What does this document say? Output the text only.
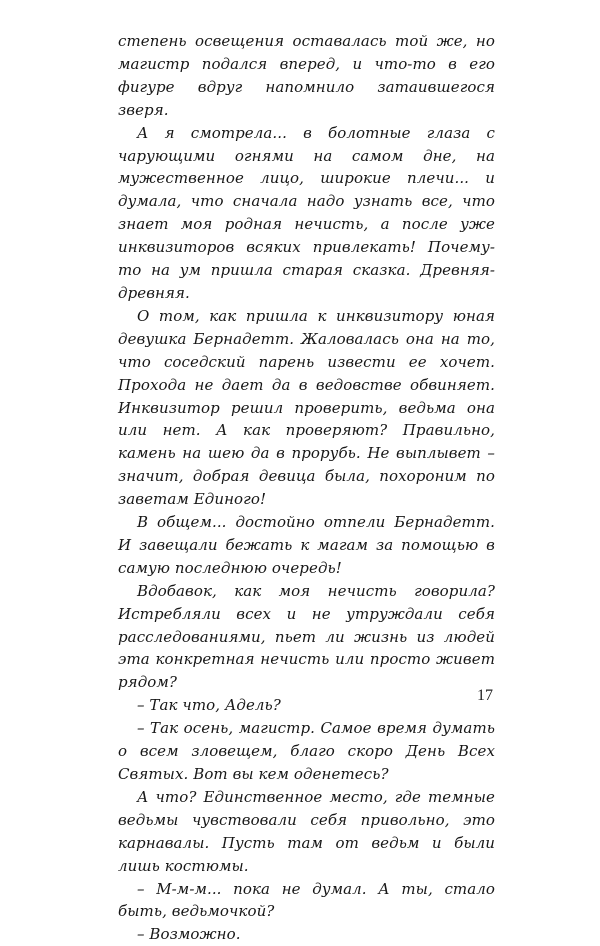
степень освещения оставалась той же, но магистр подался вперед, и что-то в его фигуре вдруг напомнило затаившегося зверя.

А я смотрела... в болотные глаза с чарующими огнями на самом дне, на мужественное лицо, широкие плечи... и думала, что сначала надо узнать все, что знает моя родная нечисть, а после уже инквизиторов всяких привлекать! Почему-то на ум пришла старая сказка. Древняя-древняя.

О том, как пришла к инквизитору юная девушка Бернадетт. Жаловалась она на то, что соседский парень извести ее хочет. Прохода не дает да в ведовстве обвиняет. Инквизитор решил проверить, ведьма она или нет. А как проверяют? Правильно, камень на шею да в прорубь. Не выплывет – значит, добрая девица была, похороним по заветам Единого!

В общем... достойно отпели Бернадетт. И завещали бежать к магам за помощью в самую последнюю очередь!

Вдобавок, как моя нечисть говорила? Истребляли всех и не утруждали себя расследованиями, пьет ли жизнь из людей эта конкретная нечисть или просто живет рядом?

– Так что, Адель?

– Так осень, магистр. Самое время думать о всем зловещем, благо скоро День Всех Святых. Вот вы кем оденетесь?

А что? Единственное место, где темные ведьмы чувствовали себя привольно, это карнавалы. Пусть там от ведьм и были лишь костюмы.

– М-м-м... пока не думал. А ты, стало быть, ведьмочкой?

– Возможно.

17
